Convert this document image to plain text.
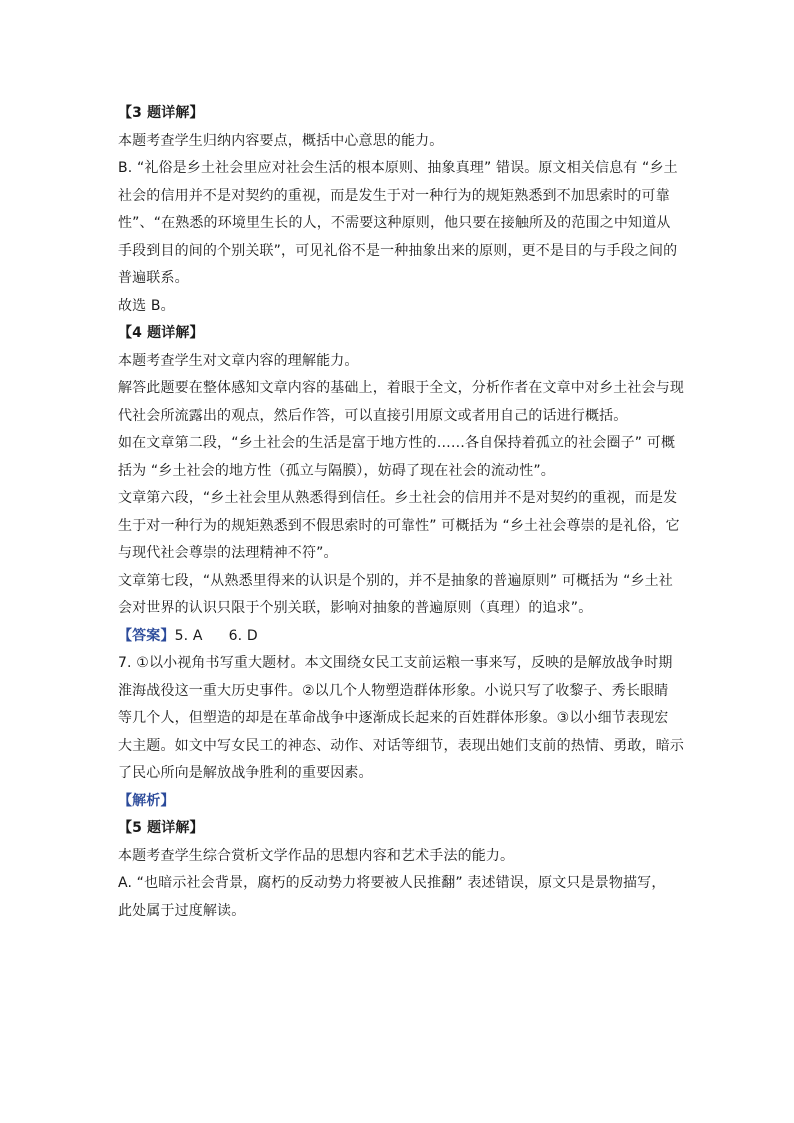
【3 题详解】
本题考查学生归纳内容要点，概括中心意思的能力。
B. “礼俗是乡土社会里应对社会生活的根本原则、抽象真理” 错误。原文相关信息有 “乡土
社会的信用并不是对契约的重视，而是发生于对一种行为的规矩熟悉到不加思索时的可靠
性”、“在熟悉的环境里生长的人，不需要这种原则，他只要在接触所及的范围之中知道从
手段到目的间的个别关联”，可见礼俗不是一种抽象出来的原则，更不是目的与手段之间的
普遍联系。
故选 B。
【4 题详解】
本题考查学生对文章内容的理解能力。
解答此题要在整体感知文章内容的基础上，着眼于全文，分析作者在文章中对乡土社会与现
代社会所流露出的观点，然后作答，可以直接引用原文或者用自己的话进行概括。
如在文章第二段，“乡土社会的生活是富于地方性的……各自保持着孤立的社会圈子” 可概
括为 “乡土社会的地方性（孤立与隔膜），妨碍了现在社会的流动性”。
文章第六段，“乡土社会里从熟悉得到信任。乡土社会的信用并不是对契约的重视，而是发
生于对一种行为的规矩熟悉到不假思索时的可靠性” 可概括为 “乡土社会尊崇的是礼俗，它
与现代社会尊崇的法理精神不符”。
文章第七段，“从熟悉里得来的认识是个别的，并不是抽象的普遍原则” 可概括为 “乡土社
会对世界的认识只限于个别关联，影响对抽象的普遍原则（真理）的追求”。
【答案】5. A 6. D
7. ①以小视角书写重大题材。本文围绕女民工支前运粮一事来写，反映的是解放战争时期
淮海战役这一重大历史事件。②以几个人物塑造群体形象。小说只写了收黎子、秀长眼睛
等几个人，但塑造的却是在革命战争中逐渐成长起来的百姓群体形象。③以小细节表现宏
大主题。如文中写女民工的神态、动作、对话等细节，表现出她们支前的热情、勇敢，暗示
了民心所向是解放战争胜利的重要因素。
【解析】
【5 题详解】
本题考查学生综合赏析文学作品的思想内容和艺术手法的能力。
A. “也暗示社会背景，腐朽的反动势力将要被人民推翻” 表述错误，原文只是景物描写，
此处属于过度解读。
